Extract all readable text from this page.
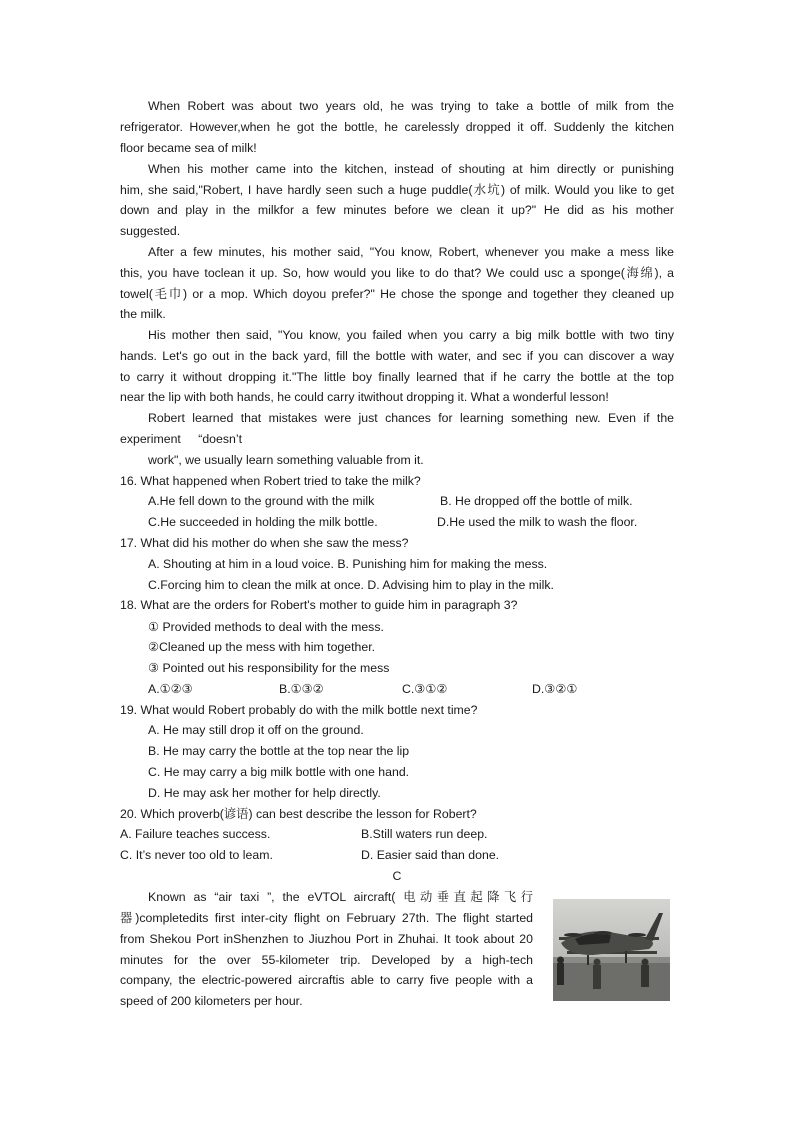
When Robert was about two years old, he was trying to take a bottle of milk from the
refrigerator. However,when he got the bottle, he carelessly dropped it off. Suddenly the kitchen
floor became sea of milk!
When his mother came into the kitchen, instead of shouting at him directly or punishing
him, she said,"Robert, I have hardly seen such a huge puddle(水坑) of milk. Would you like to get
down and play in the milkfor a few minutes before we clean it up?" He did as his mother
suggested.
After a few minutes, his mother said, "You know, Robert, whenever you make a mess like
this, you have toclean it up. So, how would you like to do that? We could usc a sponge(海绵), a
towel(毛巾) or a mop. Which doyou prefer?" He chose the sponge and together they cleaned up
the milk.
His mother then said, "You know, you failed when you carry a big milk bottle with two tiny
hands. Let's go out in the back yard, fill the bottle with water, and sec if you can discover a way
to carry it without dropping it."The little boy finally learned that if he carry the bottle at the top
near the lip with both hands, he could carry itwithout dropping it. What a wonderful lesson!
Robert learned that mistakes were just chances for learning something new. Even if the
experiment “doesn’t
work", we usually learn something valuable from it.
16. What happened when Robert tried to take the milk?
A.He fell down to the ground with the milk	B. He dropped off the bottle of milk.
C.He succeeded in holding the milk bottle.	D.He used the milk to wash the floor.
17. What did his mother do when she saw the mess?
A. Shouting at him in a loud voice. B. Punishing him for making the mess.
C.Forcing him to clean the milk at once. D. Advising him to play in the milk.
18. What are the orders for Robert's mother to guide him in paragraph 3?
① Provided methods to deal with the mess.
②Cleaned up the mess with him together.
③ Pointed out his responsibility for the mess
A.①②③	B.①③②	C.③①②	D.③②①
19. What would Robert probably do with the milk bottle next time?
A. He may still drop it off on the ground.
B. He may carry the bottle at the top near the lip
C. He may carry a big milk bottle with one hand.
D. He may ask her mother for help directly.
20. Which proverb(谚语) can best describe the lesson for Robert?
A. Failure teaches success.	B.Still waters run deep.
C. It’s never too old to leam.	D. Easier said than done.
C
Known as “air taxi ”, the eVTOL aircraft( 电动垂直起降飞行
器)completedits first inter-city flight on February 27th. The flight started
from Shekou Port inShenzhen to Jiuzhou Port in Zhuhai. It took about 20
minutes for the over 55-kilometer trip. Developed by a high-tech
company, the electric-powered aircraftis able to carry five people with a
speed of 200 kilometers per hour.
